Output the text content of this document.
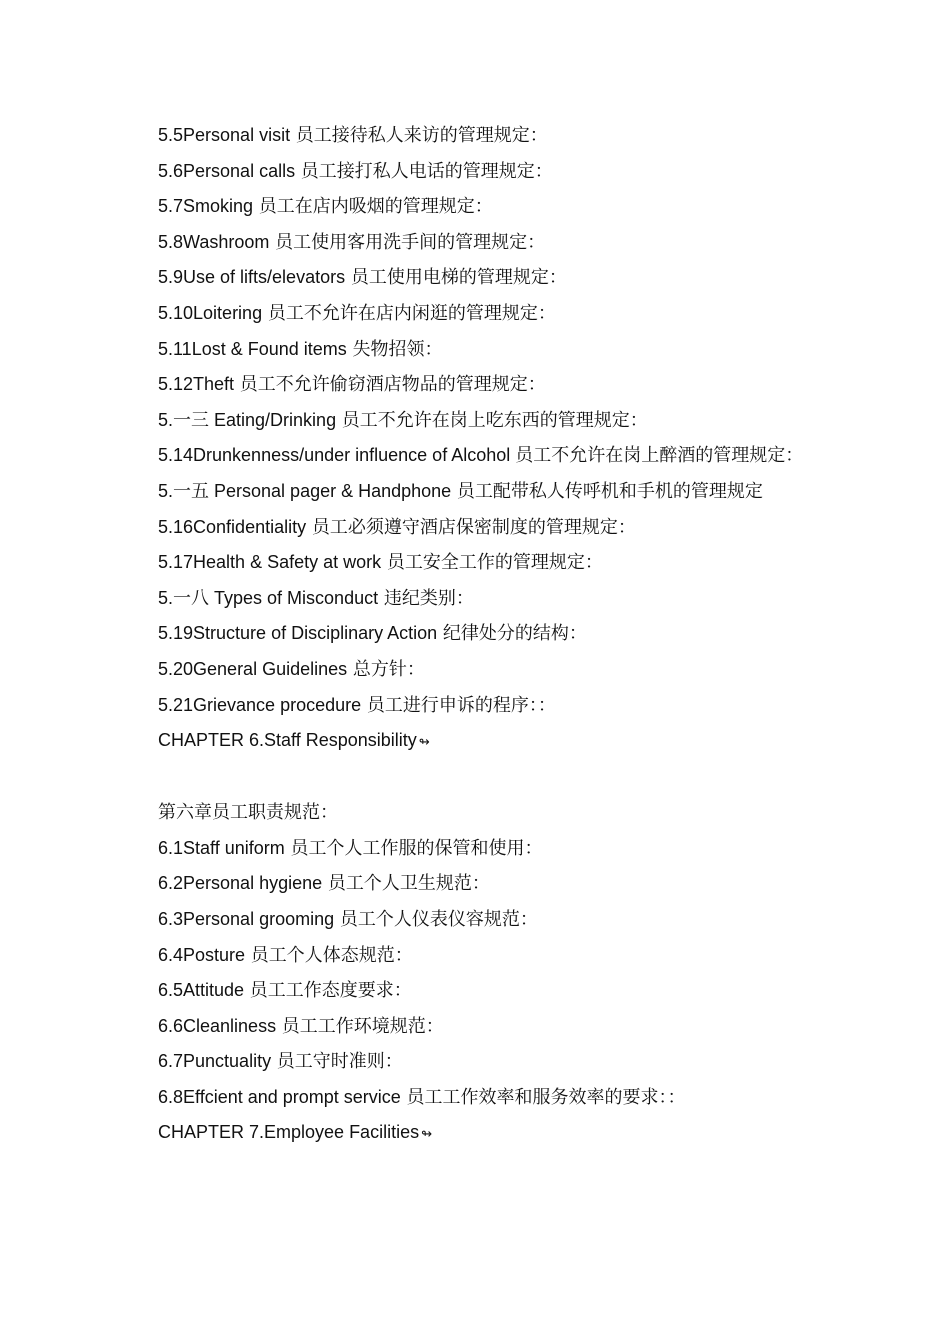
5.5Personal visit 员工接待私人来访的管理规定：
5.6Personal calls 员工接打私人电话的管理规定：
5.7Smoking 员工在店内吸烟的管理规定：
5.8Washroom 员工使用客用洗手间的管理规定：
5.9Use of lifts/elevators 员工使用电梯的管理规定：
5.10Loitering 员工不允许在店内闲逛的管理规定：
5.11Lost & Found items 失物招领：
5.12Theft 员工不允许偷窃酒店物品的管理规定：
5.一三 Eating/Drinking 员工不允许在岗上吃东西的管理规定：
5.14Drunkenness/under influence of Alcohol 员工不允许在岗上醉酒的管理规定：
5.一五 Personal pager & Handphone 员工配带私人传呼机和手机的管理规定
5.16Confidentiality 员工必须遵守酒店保密制度的管理规定：
5.17Health & Safety at work 员工安全工作的管理规定：
5.一八 Types of Misconduct 违纪类别：
5.19Structure of Disciplinary Action 纪律处分的结构：
5.20General Guidelines 总方针：
5.21Grievance procedure 员工进行申诉的程序：：
CHAPTER 6.Staff Responsibility ↬
第六章员工职责规范：
6.1Staff uniform 员工个人工作服的保管和使用：
6.2Personal hygiene 员工个人卫生规范：
6.3Personal grooming 员工个人仪表仪容规范：
6.4Posture 员工个人体态规范：
6.5Attitude 员工工作态度要求：
6.6Cleanliness 员工工作环境规范：
6.7Punctuality 员工守时准则：
6.8Effcient and prompt service 员工工作效率和服务效率的要求：：
CHAPTER 7.Employee Facilities ↬
